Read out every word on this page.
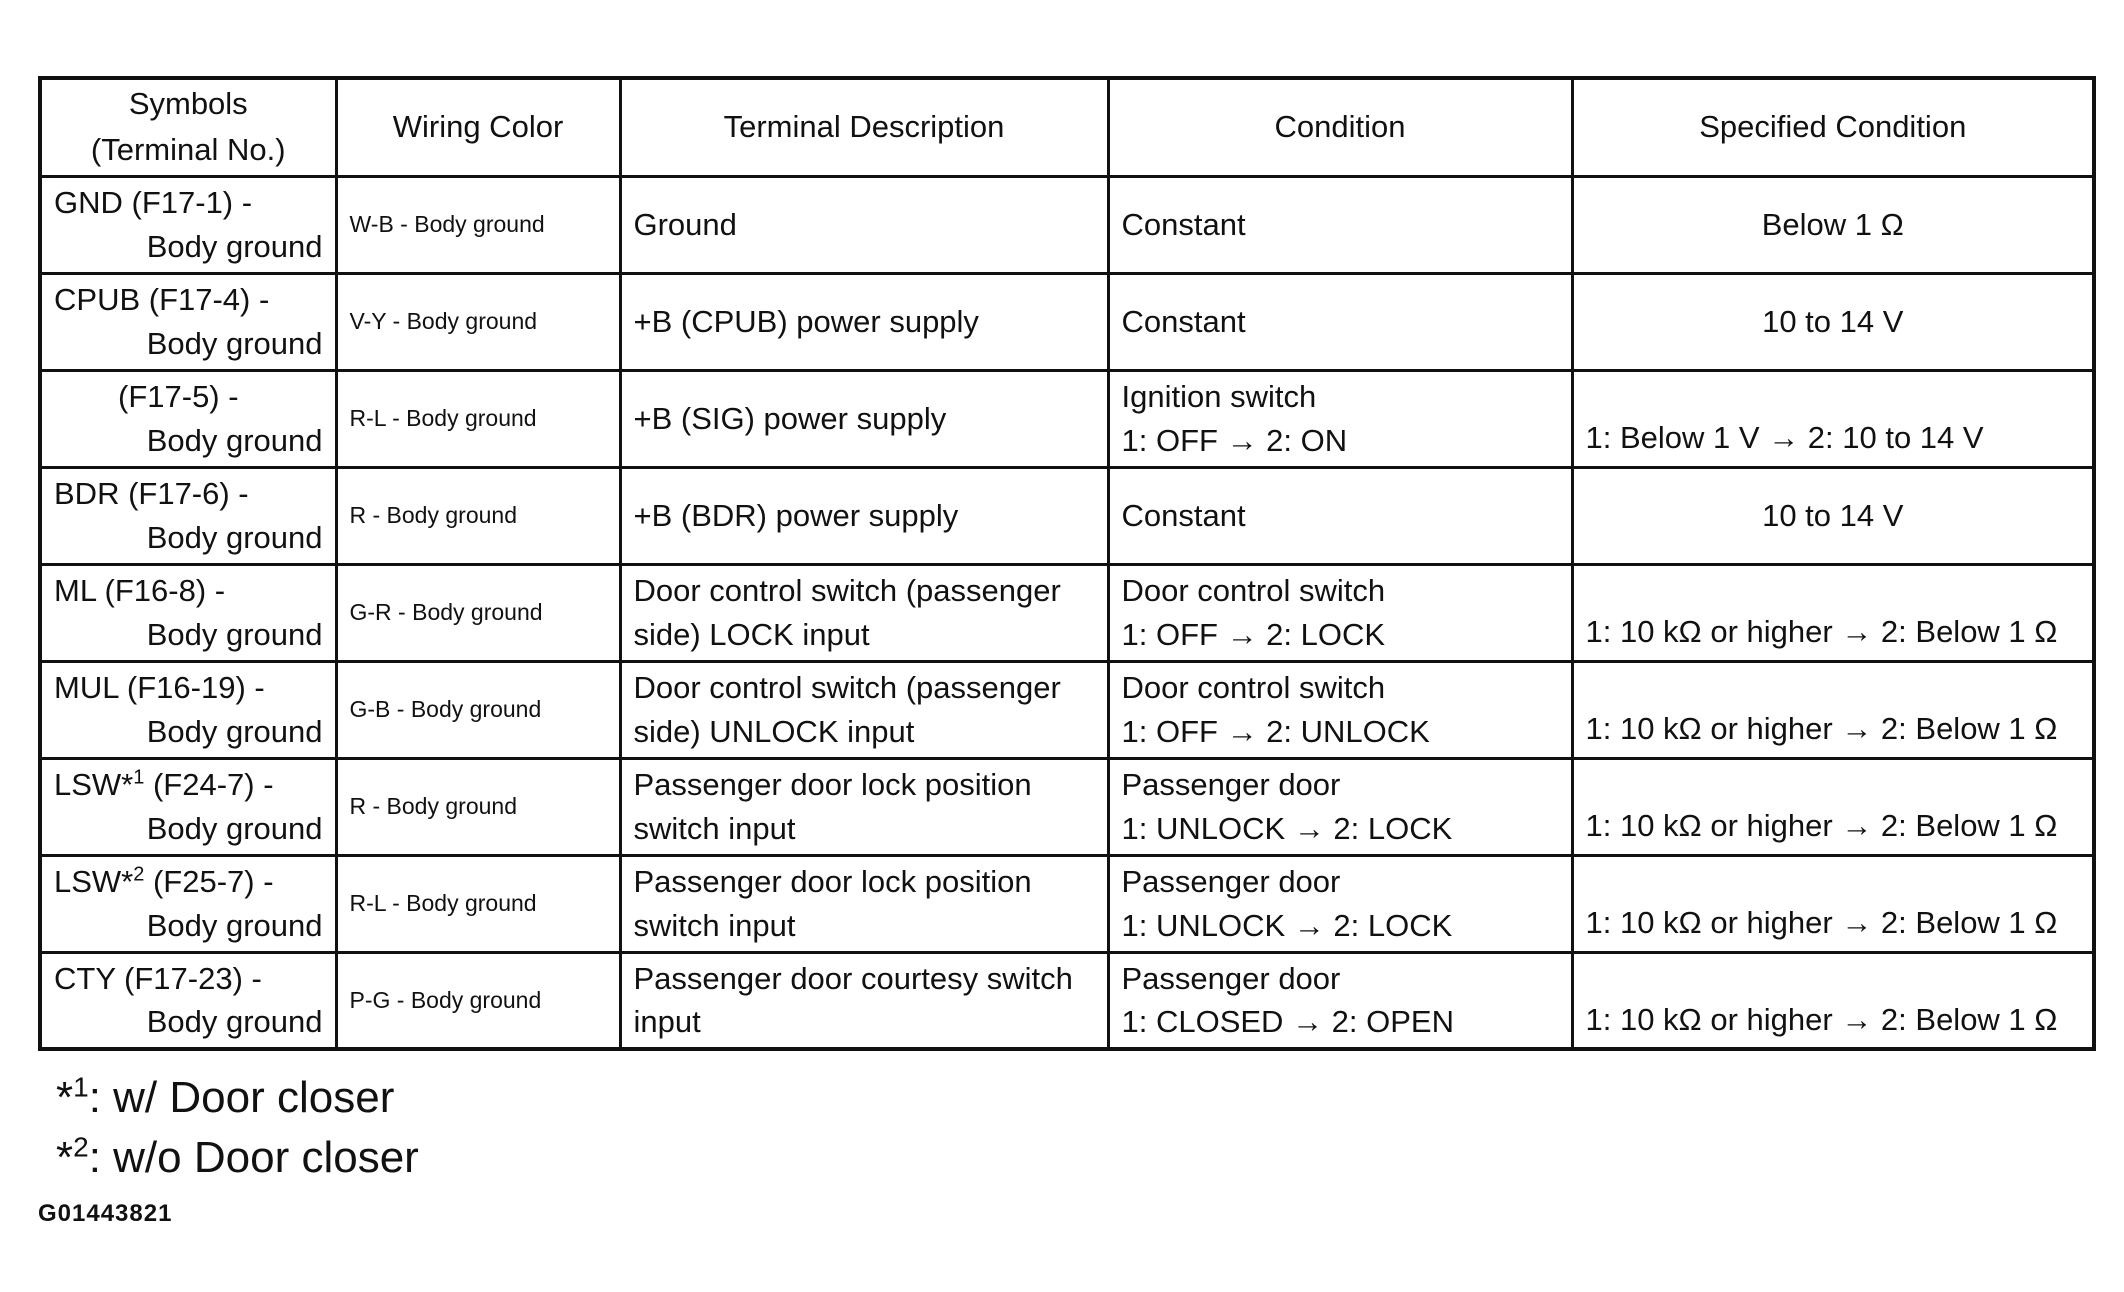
Symbols
(Terminal No.)	Wiring Color	Terminal Description	Condition	Specified Condition

GND (F17-1) -
Body ground	W-B - Body ground	Ground	Constant	Below 1 Ω

CPUB (F17-4) -
Body ground	V-Y - Body ground	+B (CPUB) power supply	Constant	10 to 14 V

(F17-5) -
Body ground	R-L - Body ground	+B (SIG) power supply	Ignition switch
1: OFF → 2: ON	1: Below 1 V → 2: 10 to 14 V

BDR (F17-6) -
Body ground	R - Body ground	+B (BDR) power supply	Constant	10 to 14 V

ML (F16-8) -
Body ground	G-R - Body ground	Door control switch (passenger side) LOCK input	Door control switch
1: OFF → 2: LOCK	1: 10 kΩ or higher → 2: Below 1 Ω

MUL (F16-19) -
Body ground	G-B - Body ground	Door control switch (passenger side) UNLOCK input	Door control switch
1: OFF → 2: UNLOCK	1: 10 kΩ or higher → 2: Below 1 Ω

LSW*$^1$ (F24-7) -
Body ground	R - Body ground	Passenger door lock position switch input	Passenger door
1: UNLOCK → 2: LOCK	1: 10 kΩ or higher → 2: Below 1 Ω

LSW*$^2$ (F25-7) -
Body ground	R-L - Body ground	Passenger door lock position switch input	Passenger door
1: UNLOCK → 2: LOCK	1: 10 kΩ or higher → 2: Below 1 Ω

CTY (F17-23) -
Body ground	P-G - Body ground	Passenger door courtesy switch input	Passenger door
1: CLOSED → 2: OPEN	1: 10 kΩ or higher → 2: Below 1 Ω
*$^1$: w/ Door closer
*$^2$: w/o Door closer
G01443821
